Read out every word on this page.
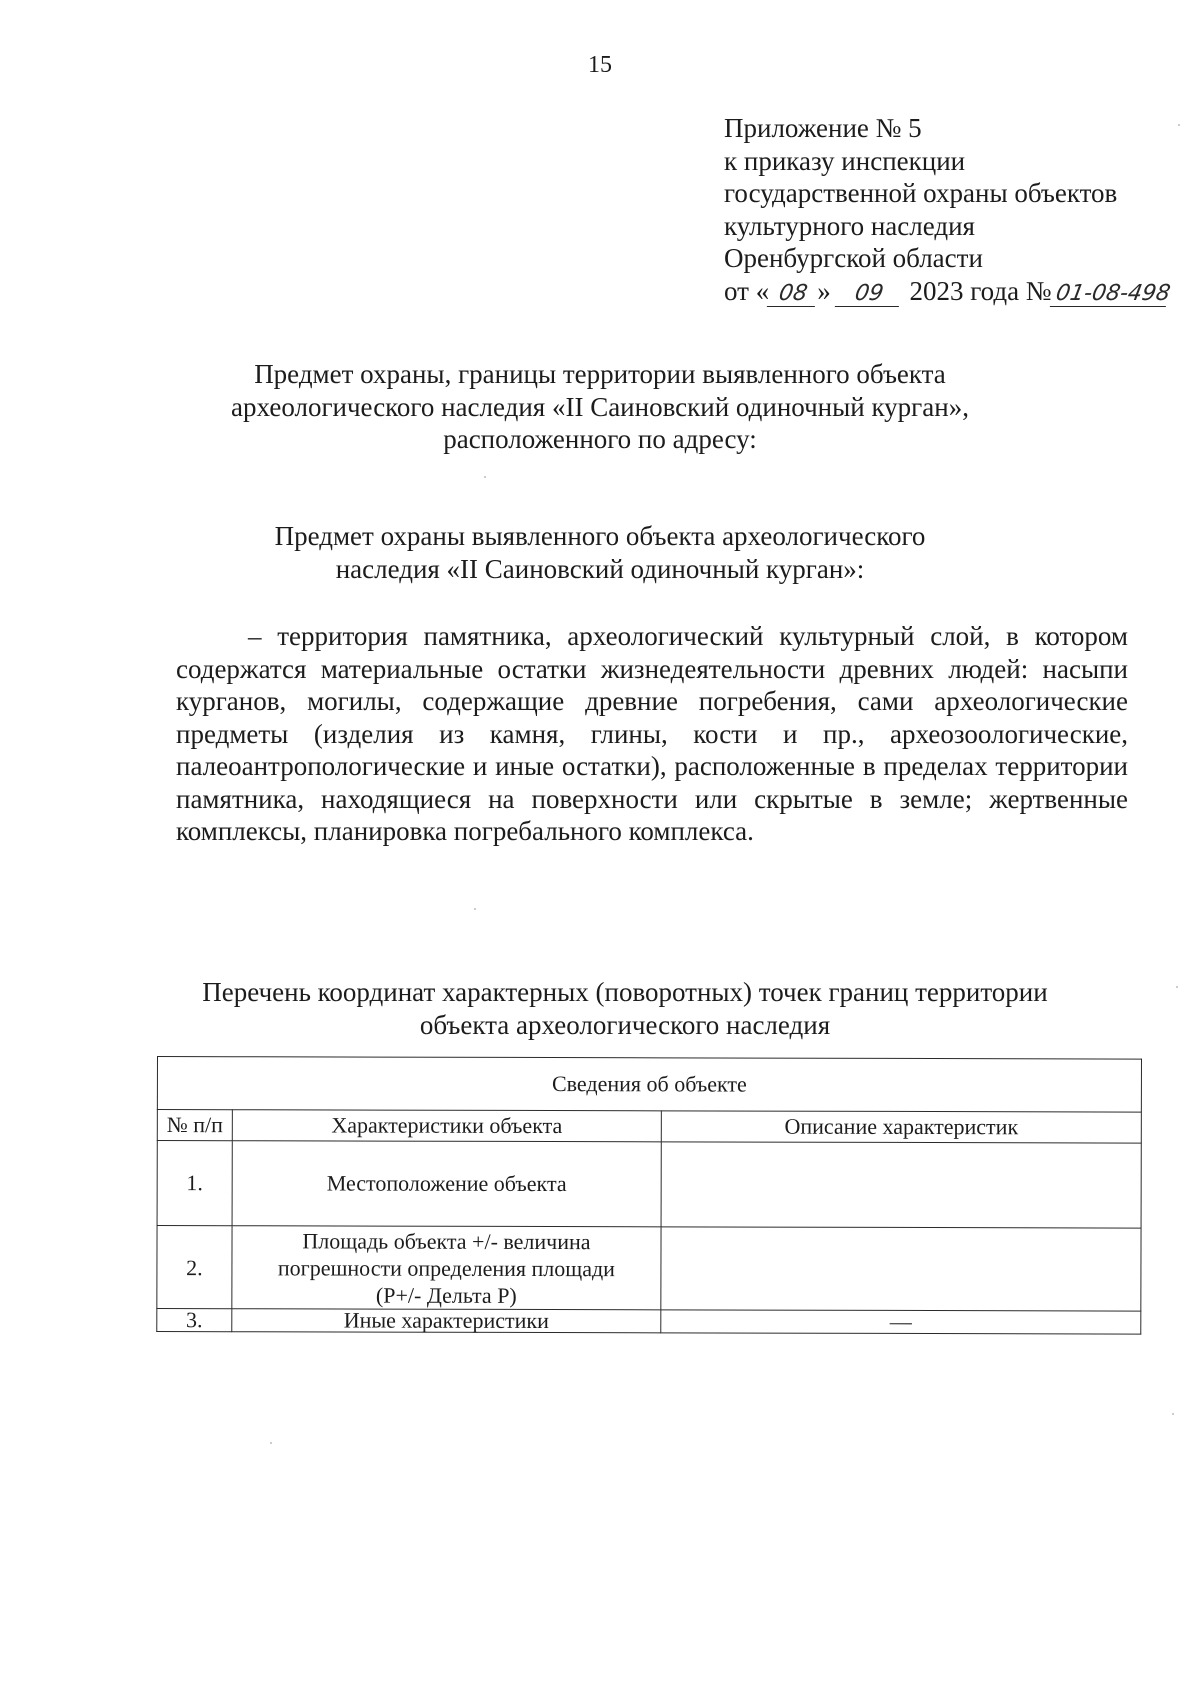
15
Приложение № 5
к приказу инспекции
государственной охраны объектов
культурного наследия
Оренбургской области
от « 08 » 09 2023 года №01-08-498
Предмет охраны, границы территории выявленного объекта
археологического наследия «II Саиновский одиночный курган»,
расположенного по адресу:
Предмет охраны выявленного объекта археологического
наследия «II Саиновский одиночный курган»:
– территория памятника, археологический культурный слой, в котором содержатся материальные остатки жизнедеятельности древних людей: насыпи курганов, могилы, содержащие древние погребения, сами археологические предметы (изделия из камня, глины, кости и пр., археозоологические, палеоантропологические и иные остатки), расположенные в пределах территории памятника, находящиеся на поверхности или скрытые в земле; жертвенные комплексы, планировка погребального комплекса.
Перечень координат характерных (поворотных) точек границ территории
объекта археологического наследия
Сведения об объекте		
№ п/п	Характеристики объекта	Описание характеристик
1.	Местоположение объекта	
2.	Площадь объекта +/- величина
погрешности определения площади
(P+/- Дельта P)	

3.	Иные характеристики	—
